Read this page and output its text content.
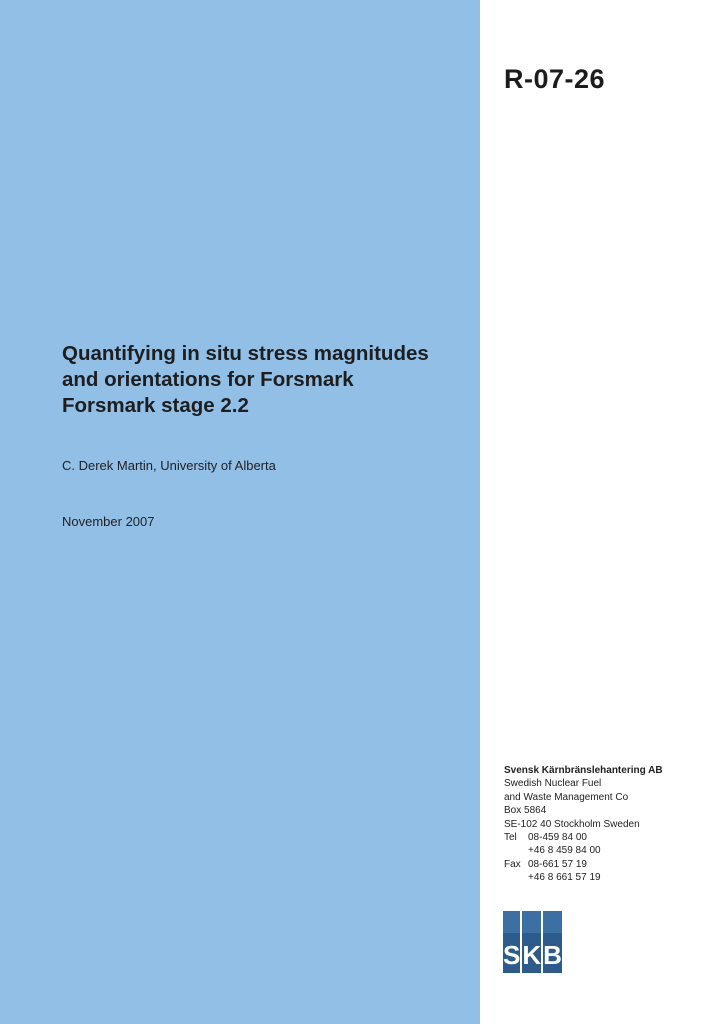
R-07-26
Quantifying in situ stress magnitudes
and orientations for Forsmark
Forsmark stage 2.2
C. Derek Martin, University of Alberta
November 2007
Svensk Kärnbränslehantering AB
Swedish Nuclear Fuel
and Waste Management Co
Box 5864
SE-102 40 Stockholm Sweden
Tel	08-459 84 00
+46 8 459 84 00
Fax 08-661 57 19
+46 8 661 57 19
S K B
